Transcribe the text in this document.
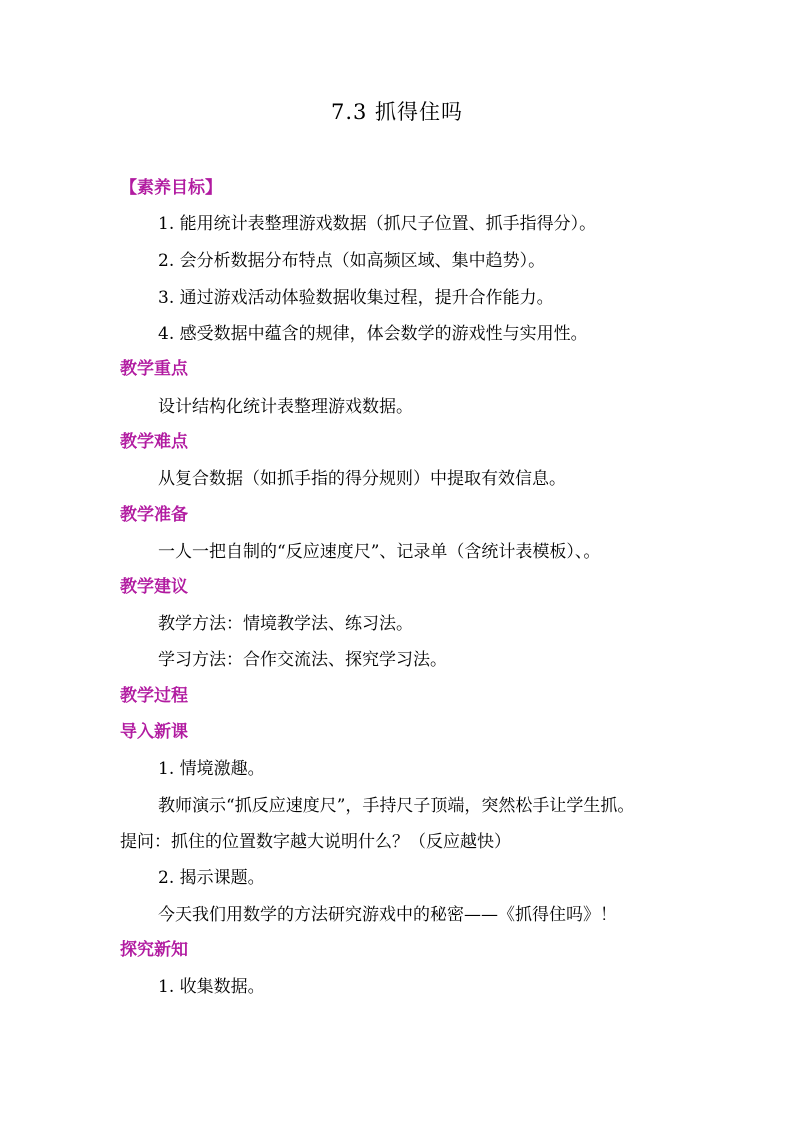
7.3 抓得住吗
【素养目标】
1. 能用统计表整理游戏数据（抓尺子位置、抓手指得分）。
2. 会分析数据分布特点（如高频区域、集中趋势）。
3. 通过游戏活动体验数据收集过程，提升合作能力。
4. 感受数据中蕴含的规律，体会数学的游戏性与实用性。
教学重点
设计结构化统计表整理游戏数据。
教学难点
从复合数据（如抓手指的得分规则）中提取有效信息。
教学准备
一人一把自制的“反应速度尺”、记录单（含统计表模板）、。
教学建议
教学方法：情境教学法、练习法。
学习方法：合作交流法、探究学习法。
教学过程
导入新课
1. 情境激趣。
教师演示“抓反应速度尺”，手持尺子顶端，突然松手让学生抓。
提问：抓住的位置数字越大说明什么？（反应越快）
2. 揭示课题。
今天我们用数学的方法研究游戏中的秘密——《抓得住吗》！
探究新知
1. 收集数据。
